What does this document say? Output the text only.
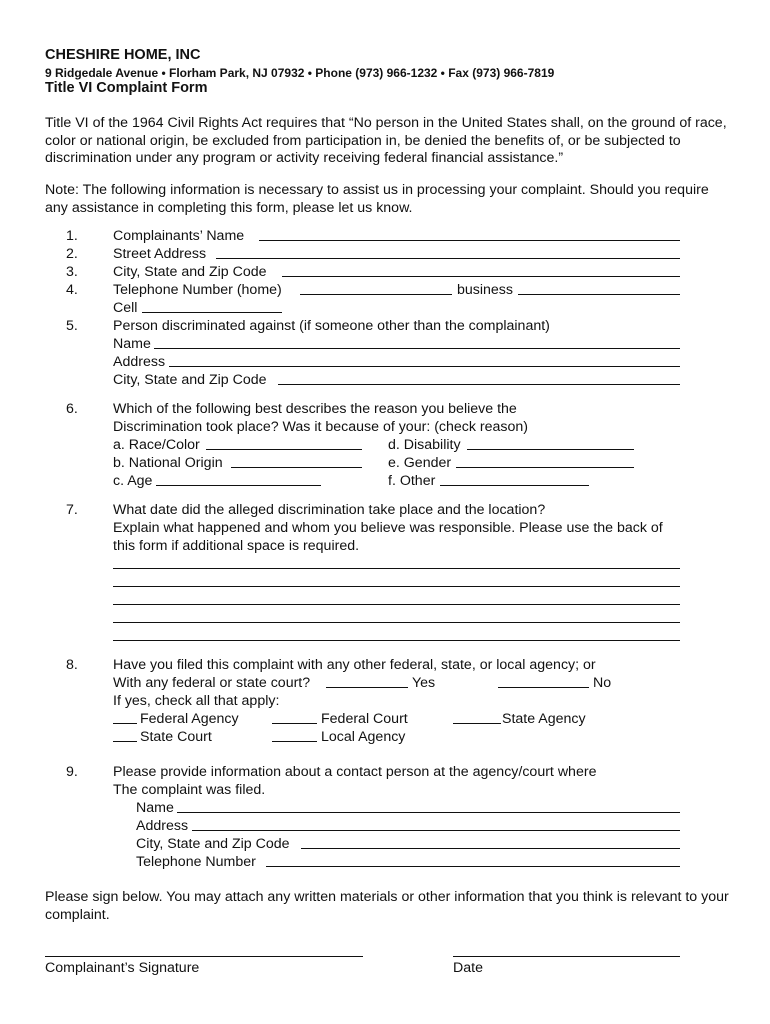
CHESHIRE HOME, INC
9 Ridgedale Avenue • Florham Park, NJ 07932 • Phone (973) 966-1232 • Fax (973) 966-7819
Title VI Complaint Form
Title VI of the 1964 Civil Rights Act requires that “No person in the United States shall, on the ground of race, color or national origin, be excluded from participation in, be denied the benefits of, or be subjected to discrimination under any program or activity receiving federal financial assistance.”
Note: The following information is necessary to assist us in processing your complaint. Should you require any assistance in completing this form, please let us know.
1. Complainants’ Name
2. Street Address
3. City, State and Zip Code
4. Telephone Number (home)	business
Cell
5. Person discriminated against (if someone other than the complainant)
Name
Address
City, State and Zip Code
6. Which of the following best describes the reason you believe the
Discrimination took place? Was it because of your: (check reason)
a. Race/Color	d. Disability
b. National Origin	e. Gender
c. Age	f. Other
7. What date did the alleged discrimination take place and the location?
Explain what happened and whom you believe was responsible. Please use the back of
this form if additional space is required.
8. Have you filed this complaint with any other federal, state, or local agency; or
With any federal or state court?	Yes	No
If yes, check all that apply:
Federal Agency	Federal Court	State Agency
State Court	Local Agency
9. Please provide information about a contact person at the agency/court where
The complaint was filed.
Name
Address
City, State and Zip Code
Telephone Number
Please sign below. You may attach any written materials or other information that you think is relevant to your complaint.
Complainant’s Signature	Date
